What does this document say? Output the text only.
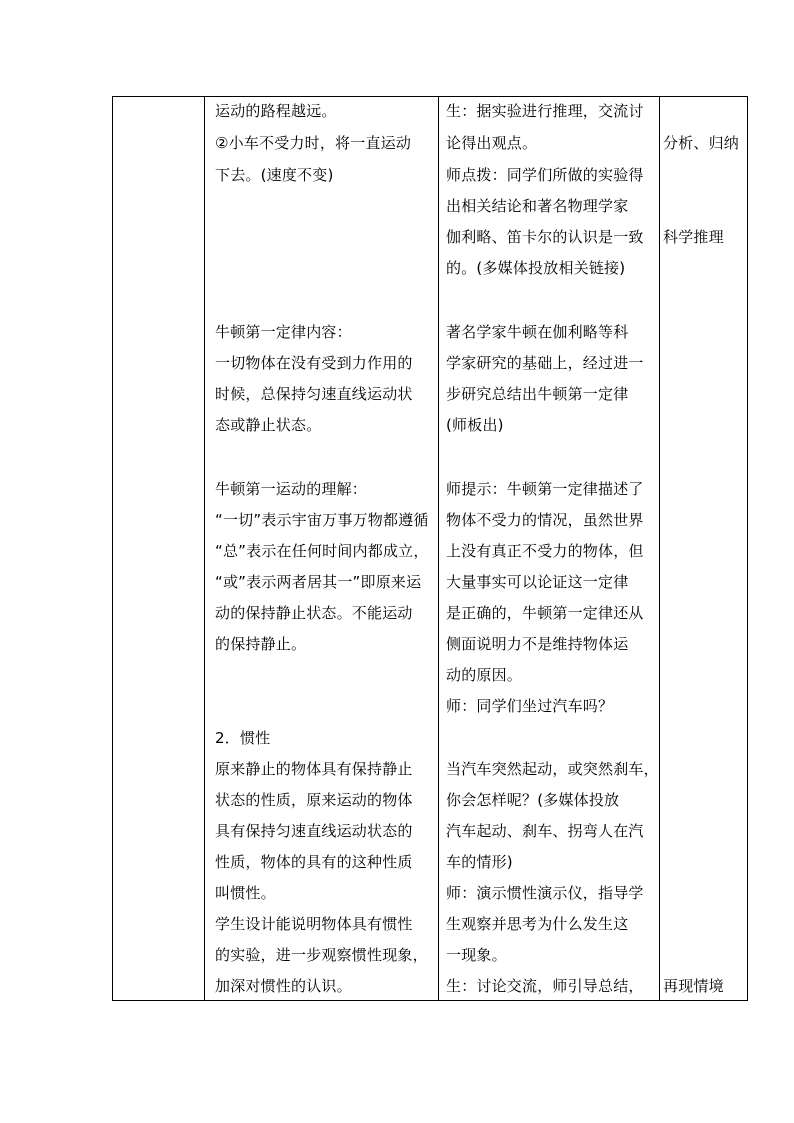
运动的路程越远。
②小车不受力时，将一直运动
下去。(速度不变)
牛顿第一定律内容：
一切物体在没有受到力作用的
时候，总保持匀速直线运动状
态或静止状态。
牛顿第一运动的理解：
“一切”表示宇宙万事万物都遵循
“总”表示在任何时间内都成立，
“或”表示两者居其一”即原来运
动的保持静止状态。不能运动
的保持静止。
2．惯性
原来静止的物体具有保持静止
状态的性质，原来运动的物体
具有保持匀速直线运动状态的
性质，物体的具有的这种性质
叫惯性。
学生设计能说明物体具有惯性
的实验，进一步观察惯性现象，
加深对惯性的认识。
生：据实验进行推理，交流讨
论得出观点。
师点拨：同学们所做的实验得
出相关结论和著名物理学家
伽利略、笛卡尔的认识是一致
的。(多媒体投放相关链接)
著名学家牛顿在伽利略等科
学家研究的基础上，经过进一
步研究总结出牛顿第一定律
(师板出)
师提示：牛顿第一定律描述了
物体不受力的情况，虽然世界
上没有真正不受力的物体，但
大量事实可以论证这一定律
是正确的，牛顿第一定律还从
侧面说明力不是维持物体运
动的原因。
师：同学们坐过汽车吗？
当汽车突然起动，或突然刹车，
你会怎样呢？(多媒体投放
汽车起动、刹车、拐弯人在汽
车的情形)
师：演示惯性演示仪，指导学
生观察并思考为什么发生这
一现象。
生：讨论交流，师引导总结，
分析、归纳
科学推理
再现情境
